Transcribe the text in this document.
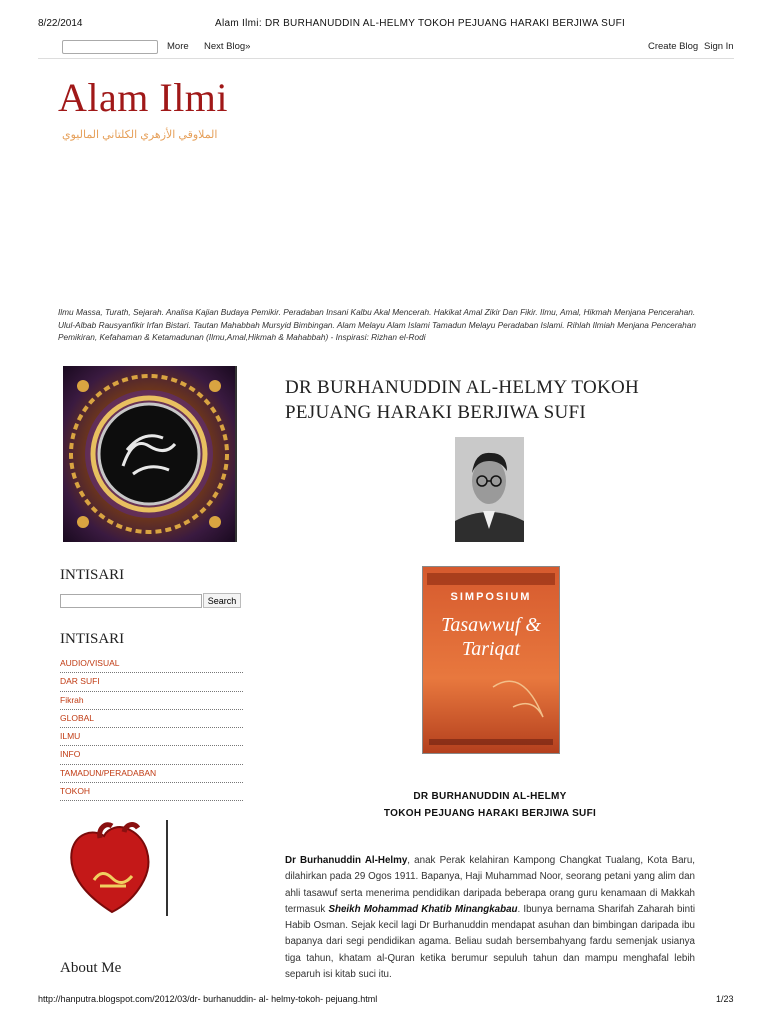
8/22/2014	Alam Ilmi: DR BURHANUDDIN AL-HELMY TOKOH PEJUANG HARAKI BERJIWA SUFI
More Next Blog»	Create Blog Sign In
Alam Ilmi
الملاوقي الأزهري الكلتاني الماليوي
Ilmu Massa, Turath, Sejarah. Analisa Kajian Budaya Pemikir. Peradaban Insani Kalbu Akal Mencerah. Hakikat Amal Zikir Dan Fikir. Ilmu, Amal, Hikmah Menjana Pencerahan. Ulul-Albab Rausyanfikir Irfan Bistari. Tautan Mahabbah Mursyid Bimbingan. Alam Melayu Alam Islami Tamadun Melayu Peradaban Islami. Rihlah Ilmiah Menjana Pencerahan Pemikiran, Kefahaman & Ketamadunan (Ilmu,Amal,Hikmah & Mahabbah) - Inspirasi: Rizhan el-Rodi
INTISARI
Search
INTISARI
AUDIO/VISUAL
DAR SUFI
Fikrah
GLOBAL
ILMU
INFO
TAMADUN/PERADABAN
TOKOH
About Me
DR BURHANUDDIN AL-HELMY TOKOH PEJUANG HARAKI BERJIWA SUFI
SIMPOSIUM
Tasawwuf & Tariqat
DR BURHANUDDIN AL-HELMY
TOKOH PEJUANG HARAKI BERJIWA SUFI
Dr Burhanuddin Al-Helmy, anak Perak kelahiran Kampong Changkat Tualang, Kota Baru, dilahirkan pada 29 Ogos 1911. Bapanya, Haji Muhammad Noor, seorang petani yang alim dan ahli tasawuf serta menerima pendidikan daripada beberapa orang guru kenamaan di Makkah termasuk Sheikh Mohammad Khatib Minangkabau. Ibunya bernama Sharifah Zaharah binti Habib Osman. Sejak kecil lagi Dr Burhanuddin mendapat asuhan dan bimbingan daripada ibu bapanya dari segi pendidikan agama. Beliau sudah bersembahyang fardu semenjak usianya tiga tahun, khatam al-Quran ketika berumur sepuluh tahun dan mampu menghafal lebih separuh isi kitab suci itu.
http://hanputra.blogspot.com/2012/03/dr- burhanuddin- al- helmy-tokoh- pejuang.html	1/23
